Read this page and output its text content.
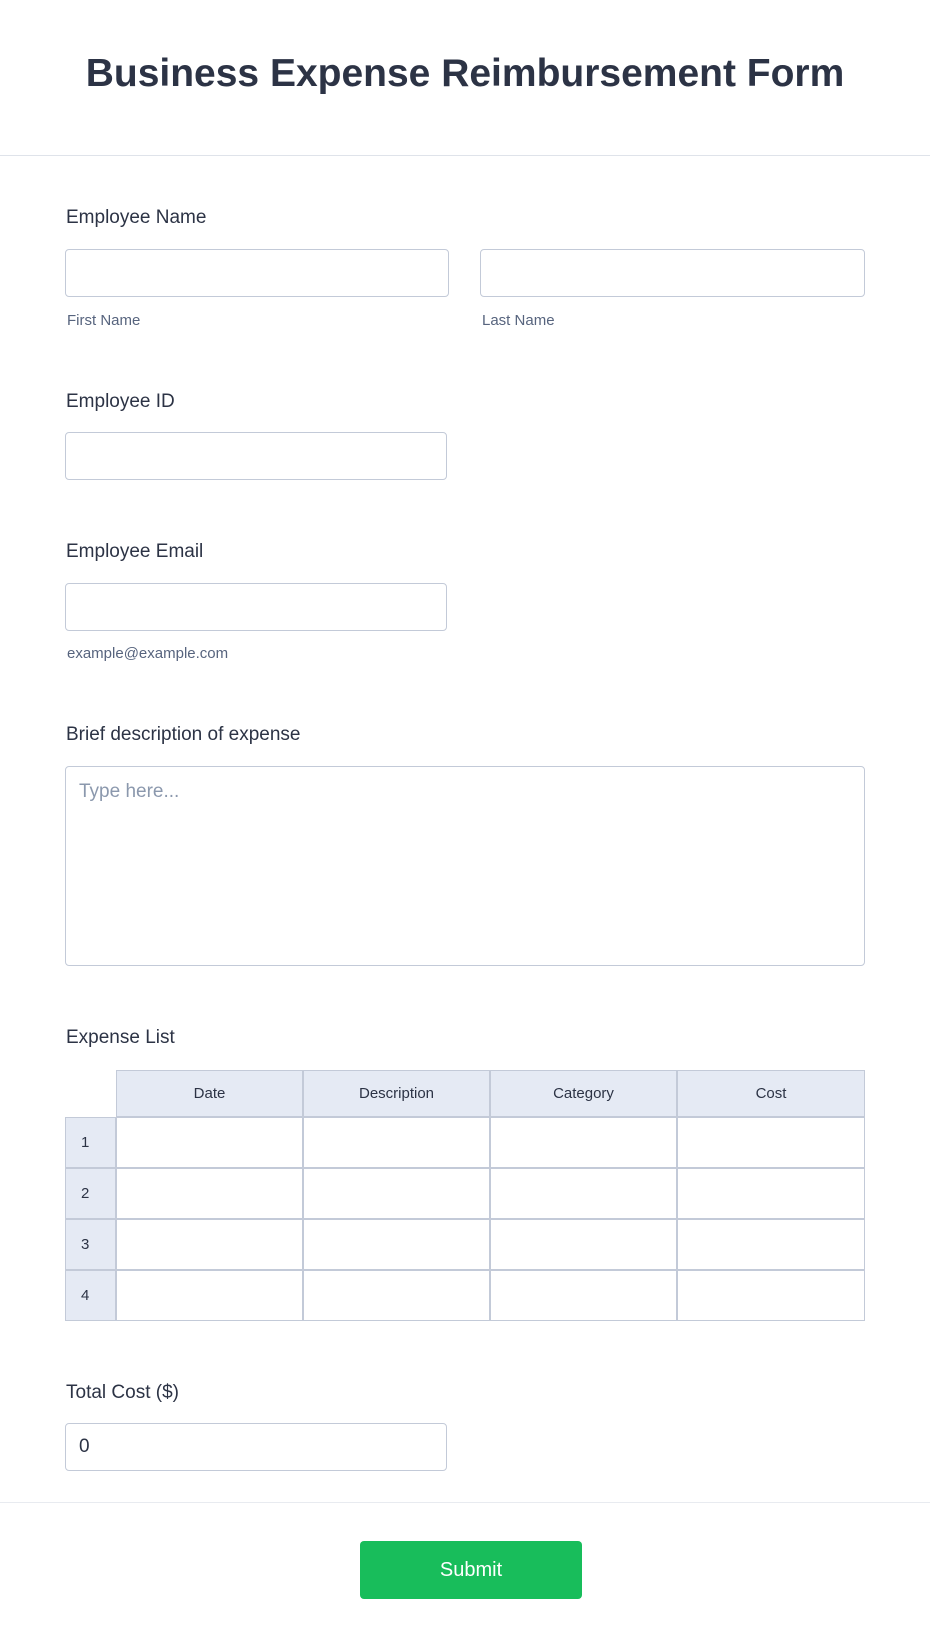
Business Expense Reimbursement Form
Employee Name
First Name	Last Name
Employee ID
Employee Email
example@example.com
Brief description of expense
Type here...
Expense List
	Date	Description	Category	Cost
1				
2				
3				
4				
Total Cost ($)
0
Submit
